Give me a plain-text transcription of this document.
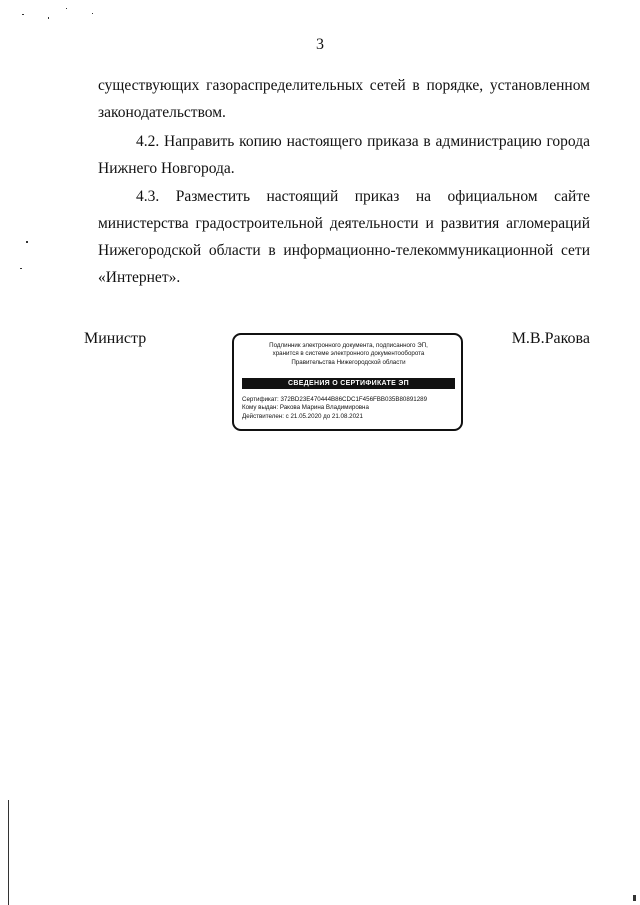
3

существующих газораспределительных сетей в порядке, установленном законодательством.

4.2. Направить копию настоящего приказа в администрацию города Нижнего Новгорода.

4.3. Разместить настоящий приказ на официальном сайте министерства градостроительной деятельности и развития агломераций Нижегородской области в информационно-телекоммуникационной сети «Интернет».

Министр	М.В.Ракова
Подлинник электронного документа, подписанного ЭП,
хранится в системе электронного документооборота
Правительства Нижегородской области
СВЕДЕНИЯ О СЕРТИФИКАТЕ ЭП
Сертификат: 372BD23E470444B86CDC1F456FBB035B80891289
Кому выдан: Ракова Марина Владимировна
Действителен: с 21.05.2020 до 21.08.2021
